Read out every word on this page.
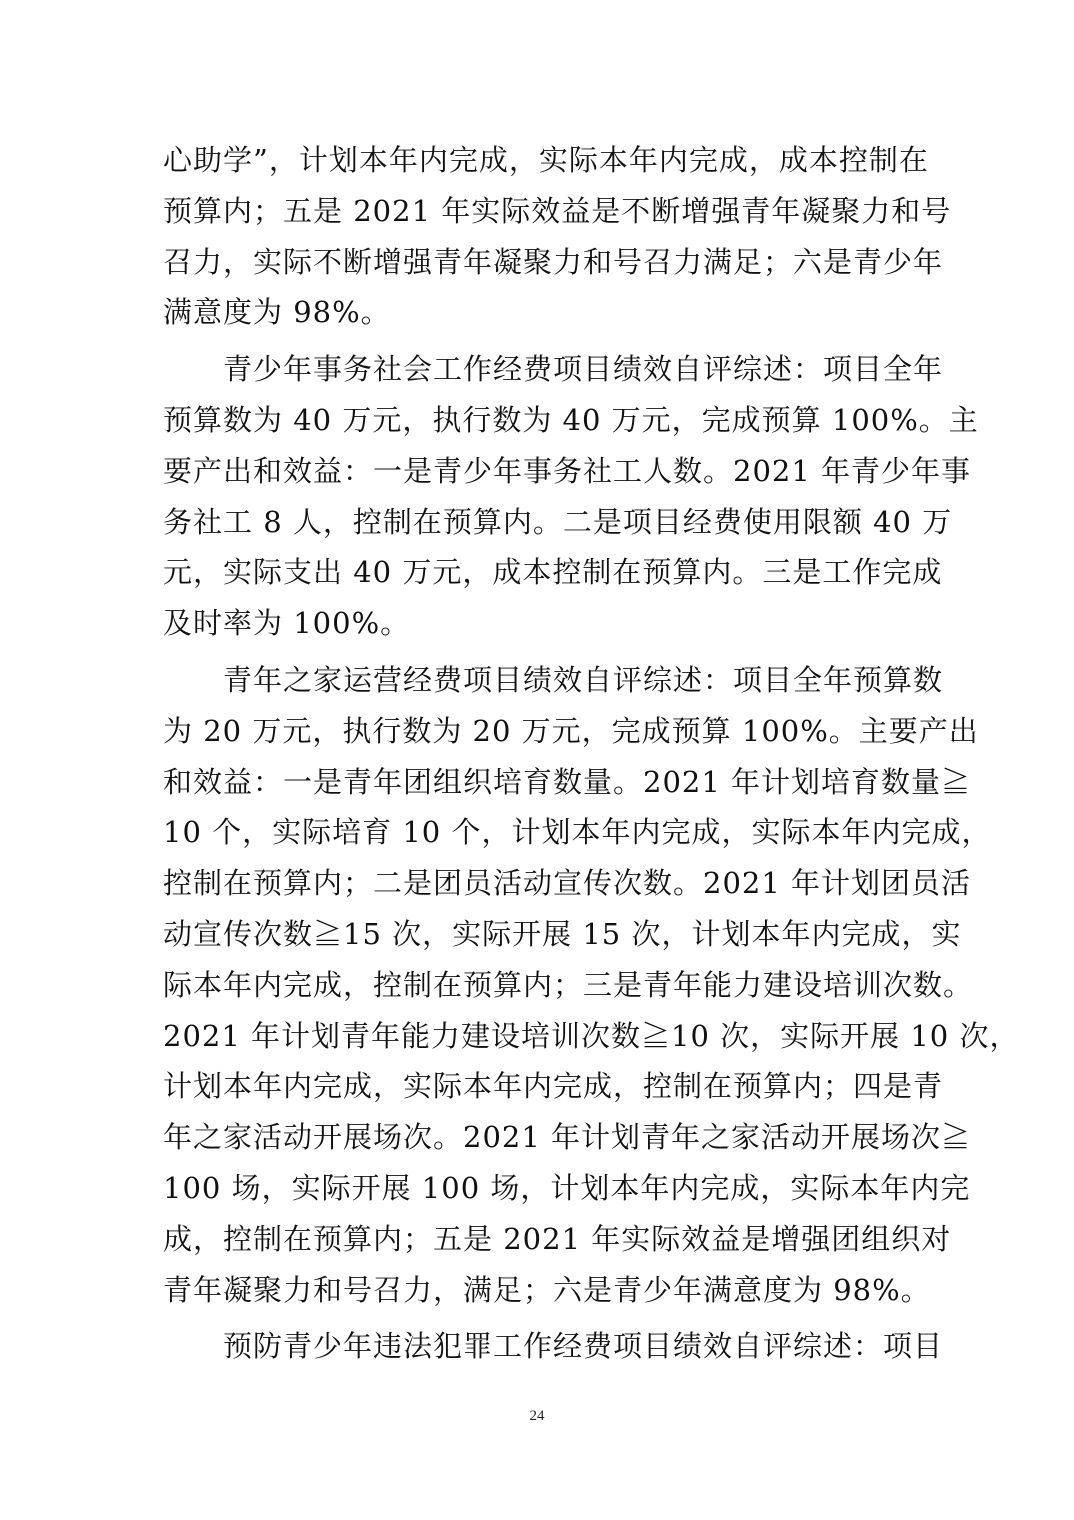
心助学”，计划本年内完成，实际本年内完成，成本控制在
预算内；五是 2021 年实际效益是不断增强青年凝聚力和号
召力，实际不断增强青年凝聚力和号召力满足；六是青少年
满意度为 98%。
青少年事务社会工作经费项目绩效自评综述：项目全年
预算数为 40 万元，执行数为 40 万元，完成预算 100%。主
要产出和效益：一是青少年事务社工人数。2021 年青少年事
务社工 8 人，控制在预算内。二是项目经费使用限额 40 万
元，实际支出 40 万元，成本控制在预算内。三是工作完成
及时率为 100%。
青年之家运营经费项目绩效自评综述：项目全年预算数
为 20 万元，执行数为 20 万元，完成预算 100%。主要产出
和效益：一是青年团组织培育数量。2021 年计划培育数量≧
10 个，实际培育 10 个，计划本年内完成，实际本年内完成，
控制在预算内；二是团员活动宣传次数。2021 年计划团员活
动宣传次数≧15 次，实际开展 15 次，计划本年内完成，实
际本年内完成，控制在预算内；三是青年能力建设培训次数。
2021 年计划青年能力建设培训次数≧10 次，实际开展 10 次，
计划本年内完成，实际本年内完成，控制在预算内；四是青
年之家活动开展场次。2021 年计划青年之家活动开展场次≧
100 场，实际开展 100 场，计划本年内完成，实际本年内完
成，控制在预算内；五是 2021 年实际效益是增强团组织对
青年凝聚力和号召力，满足；六是青少年满意度为 98%。
预防青少年违法犯罪工作经费项目绩效自评综述：项目
24
